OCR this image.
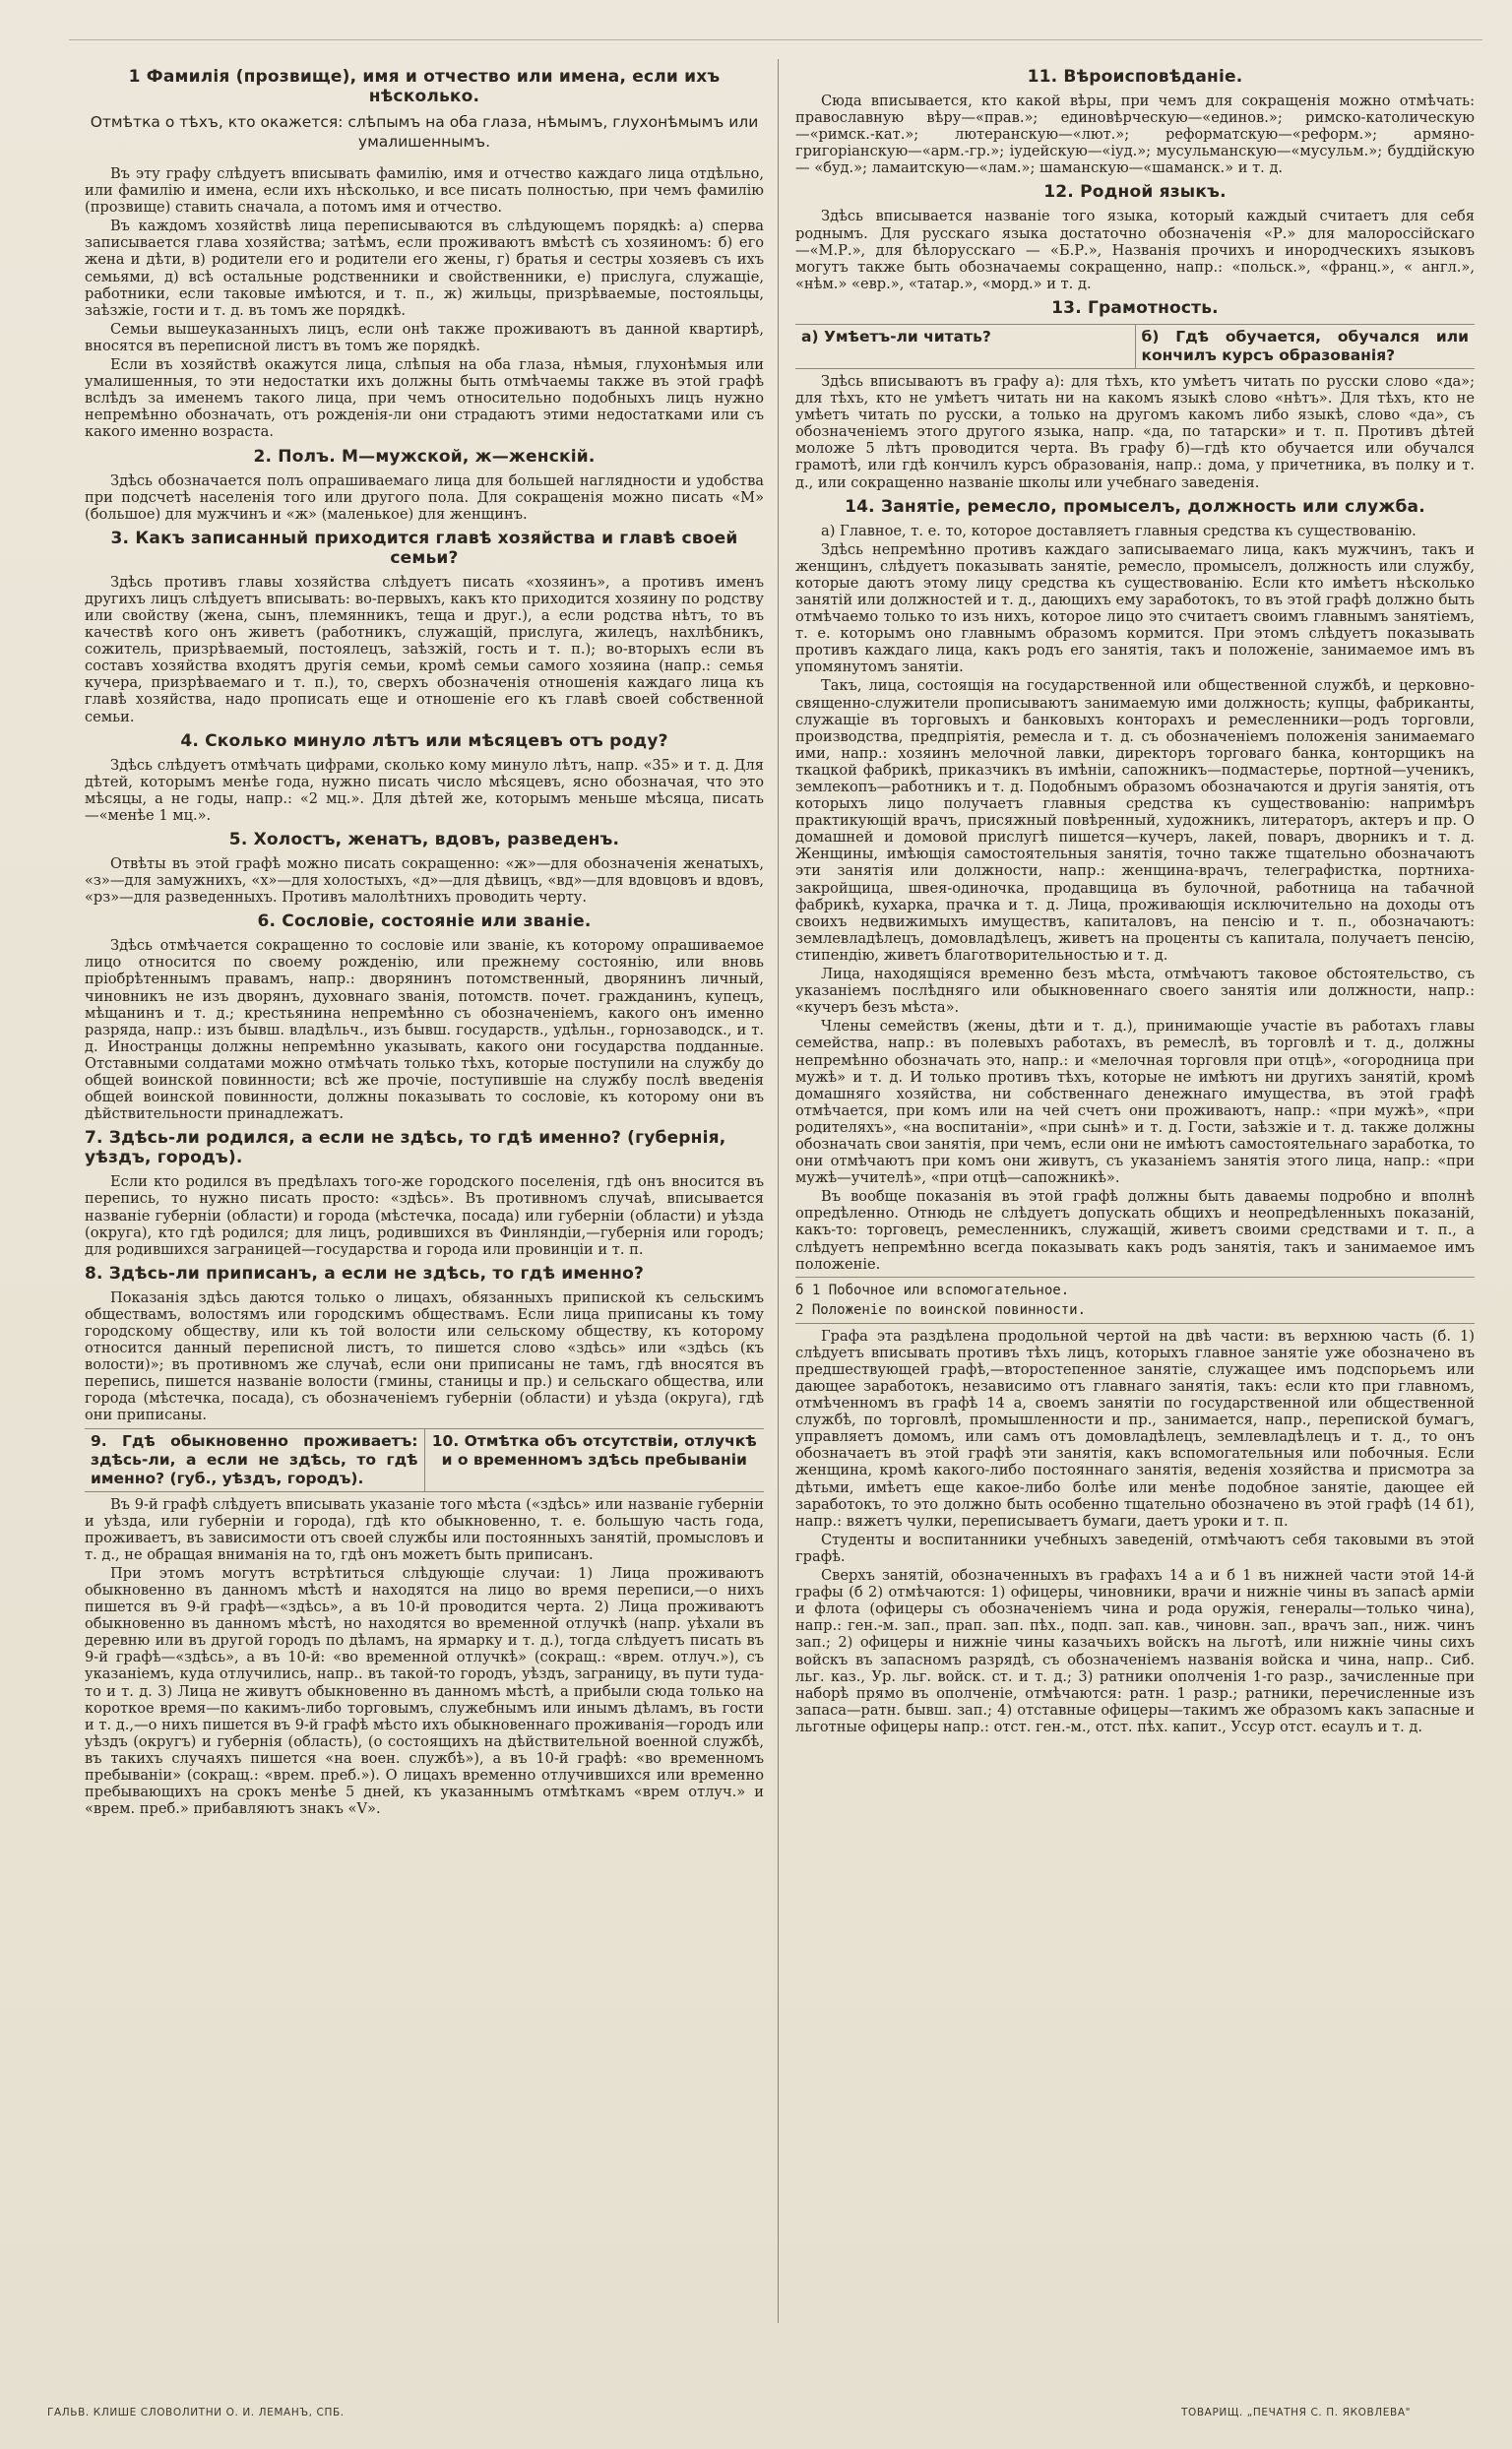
1 Фамилія (прозвище), имя и отчество или имена, если ихъ нѣсколько.
Отмѣтка о тѣхъ, кто окажется: слѣпымъ на оба глаза, нѣмымъ, глухонѣмымъ или умалишеннымъ.

Въ эту графу слѣдуетъ вписывать фамилію, имя и отчество каждаго лица отдѣльно, или фамилію и имена, если ихъ нѣсколько, и все писать полностью, при чемъ фамилію (прозвище) ставить сначала, а потомъ имя и отчество.

Въ каждомъ хозяйствѣ лица переписываются въ слѣдующемъ порядкѣ: а) сперва записывается глава хозяйства; затѣмъ, если проживаютъ вмѣстѣ съ хозяиномъ: б) его жена и дѣти, в) родители его и родители его жены, г) братья и сестры хозяевъ съ ихъ семьями, д) всѣ остальные родственники и свойственники, е) прислуга, служащіе, работники, если таковые имѣются, и т. п., ж) жильцы, призрѣваемые, постояльцы, заѣзжіе, гости и т. д. въ томъ же порядкѣ.

Семьи вышеуказанныхъ лицъ, если онѣ также проживаютъ въ данной квартирѣ, вносятся въ переписной листъ въ томъ же порядкѣ.

Если въ хозяйствѣ окажутся лица, слѣпыя на оба глаза, нѣмыя, глухонѣмыя или умалишенныя, то эти недостатки ихъ должны быть отмѣчаемы также въ этой графѣ вслѣдъ за именемъ такого лица, при чемъ относительно подобныхъ лицъ нужно непремѣнно обозначать, отъ рожденія-ли они страдаютъ этими недостатками или съ какого именно возраста.

2. Полъ. М—мужской, ж—женскій.

Здѣсь обозначается полъ опрашиваемаго лица для большей наглядности и удобства при подсчетѣ населенія того или другого пола. Для сокращенія можно писать «М» (большое) для мужчинъ и «ж» (маленькое) для женщинъ.

3. Какъ записанный приходится главѣ хозяйства и главѣ своей семьи?

Здѣсь противъ главы хозяйства слѣдуетъ писать «хозяинъ», а противъ именъ другихъ лицъ слѣдуетъ вписывать: во-первыхъ, какъ кто приходится хозяину по родству или свойству (жена, сынъ, племянникъ, теща и друг.), а если родства нѣтъ, то въ качествѣ кого онъ живетъ (работникъ, служащій, прислуга, жилецъ, нахлѣбникъ, сожитель, призрѣваемый, постоялецъ, заѣзжій, гость и т. п.); во-вторыхъ если въ составъ хозяйства входятъ другія семьи, кромѣ семьи самого хозяина (напр.: семья кучера, призрѣваемаго и т. п.), то, сверхъ обозначенія отношенія каждаго лица къ главѣ хозяйства, надо прописать еще и отношеніе его къ главѣ своей собственной семьи.

4. Сколько минуло лѣтъ или мѣсяцевъ отъ роду?

Здѣсь слѣдуетъ отмѣчать цифрами, сколько кому минуло лѣтъ, напр. «35» и т. д. Для дѣтей, которымъ менѣе года, нужно писать число мѣсяцевъ, ясно обозначая, что это мѣсяцы, а не годы, напр.: «2 мц.». Для дѣтей же, которымъ меньше мѣсяца, писать—«менѣе 1 мц.».

5. Холостъ, женатъ, вдовъ, разведенъ.

Отвѣты въ этой графѣ можно писать сокращенно: «ж»—для обозначенія женатыхъ, «з»—для замужнихъ, «х»—для холостыхъ, «д»—для дѣвицъ, «вд»—для вдовцовъ и вдовъ, «рз»—для разведенныхъ. Противъ малолѣтнихъ проводить черту.

6. Сословіе, состояніе или званіе.

Здѣсь отмѣчается сокращенно то сословіе или званіе, къ которому опрашиваемое лицо относится по своему рожденію, или прежнему состоянію, или вновь пріобрѣтеннымъ правамъ, напр.: дворянинъ потомственный, дворянинъ личный, чиновникъ не изъ дворянъ, духовнаго званія, потомств. почет. гражданинъ, купецъ, мѣщанинъ и т. д.; крестьянина непремѣнно съ обозначеніемъ, какого онъ именно разряда, напр.: изъ бывш. владѣльч., изъ бывш. государств., удѣльн., горнозаводск., и т. д. Иностранцы должны непремѣнно указывать, какого они государства подданные. Отставными солдатами можно отмѣчать только тѣхъ, которые поступили на службу до общей воинской повинности; всѣ же прочіе, поступившіе на службу послѣ введенія общей воинской повинности, должны показывать то сословіе, къ которому они въ дѣйствительности принадлежатъ.

7. Здѣсь-ли родился, а если не здѣсь, то гдѣ именно? (губернія, уѣздъ, городъ).

Если кто родился въ предѣлахъ того-же городского поселенія, гдѣ онъ вносится въ перепись, то нужно писать просто: «здѣсь». Въ противномъ случаѣ, вписывается названіе губерніи (области) и города (мѣстечка, посада) или губерніи (области) и уѣзда (округа), кто гдѣ родился; для лицъ, родившихся въ Финляндіи,—губернія или городъ; для родившихся заграницей—государства и города или провинціи и т. п.

8. Здѣсь-ли приписанъ, а если не здѣсь, то гдѣ именно?

Показанія здѣсь даются только о лицахъ, обязанныхъ припиской къ сельскимъ обществамъ, волостямъ или городскимъ обществамъ. Если лица приписаны къ тому городскому обществу, или къ той волости или сельскому обществу, къ которому относится данный переписной листъ, то пишется слово «здѣсь» или «здѣсь (къ волости)»; въ противномъ же случаѣ, если они приписаны не тамъ, гдѣ вносятся въ перепись, пишется названіе волости (гмины, станицы и пр.) и сельскаго общества, или города (мѣстечка, посада), съ обозначеніемъ губерніи (области) и уѣзда (округа), гдѣ они приписаны.

9. Гдѣ обыкновенно проживаетъ: здѣсь-ли, а если не здѣсь, то гдѣ именно? (губ., уѣздъ, городъ).
10. Отмѣтка объ отсутствіи, отлучкѣ и о временномъ здѣсь пребываніи

Въ 9-й графѣ слѣдуетъ вписывать указаніе того мѣста («здѣсь» или названіе губерніи и уѣзда, или губерніи и города), гдѣ кто обыкновенно, т. е. большую часть года, проживаетъ, въ зависимости отъ своей службы или постоянныхъ занятій, промысловъ и т. д., не обращая вниманія на то, гдѣ онъ можетъ быть приписанъ.

При этомъ могутъ встрѣтиться слѣдующіе случаи: 1) Лица проживаютъ обыкновенно въ данномъ мѣстѣ и находятся на лицо во время переписи,—о нихъ пишется въ 9-й графѣ—«здѣсь», а въ 10-й проводится черта. 2) Лица проживаютъ обыкновенно въ данномъ мѣстѣ, но находятся во временной отлучкѣ (напр. уѣхали въ деревню или въ другой городъ по дѣламъ, на ярмарку и т. д.), тогда слѣдуетъ писать въ 9-й графѣ—«здѣсь», а въ 10-й: «во временной отлучкѣ» (сокращ.: «врем. отлуч.»), съ указаніемъ, куда отлучились, напр.. въ такой-то городъ, уѣздъ, заграницу, въ пути туда-то и т. д. 3) Лица не живутъ обыкновенно въ данномъ мѣстѣ, а прибыли сюда только на короткое время—по какимъ-либо торговымъ, служебнымъ или инымъ дѣламъ, въ гости и т. д.,—о нихъ пишется въ 9-й графѣ мѣсто ихъ обыкновеннаго проживанія—городъ или уѣздъ (округъ) и губернія (область), (о состоящихъ на дѣйствительной военной службѣ, въ такихъ случаяхъ пишется «на воен. службѣ»), а въ 10-й графѣ: «во временномъ пребываніи» (сокращ.: «врем. преб.»). О лицахъ временно отлучившихся или временно пребывающихъ на срокъ менѣе 5 дней, къ указаннымъ отмѣткамъ «врем отлуч.» и «врем. преб.» прибавляютъ знакъ «V».

11. Вѣроисповѣданіе.

Сюда вписывается, кто какой вѣры, при чемъ для сокращенія можно отмѣчать: православную вѣру—«прав.»; единовѣрческую—«единов.»; римско-католическую—«римск.-кат.»; лютеранскую—«лют.»; реформатскую—«реформ.»; армяно-григоріанскую—«арм.-гр.»; іудейскую—«іуд.»; мусульманскую—«мусульм.»; буддійскую — «буд.»; ламаитскую—«лам.»; шаманскую—«шаманск.» и т. д.

12. Родной языкъ.

Здѣсь вписывается названіе того языка, который каждый считаетъ для себя роднымъ. Для русскаго языка достаточно обозначенія «Р.» для малороссійскаго—«М.Р.», для бѣлорусскаго — «Б.Р.», Названія прочихъ и инородческихъ языковъ могутъ также быть обозначаемы сокращенно, напр.: «польск.», «франц.», « англ.», «нѣм.» «евр.», «татар.», «морд.» и т. д.

13. Грамотность.
а) Умѣетъ-ли читать?	б) Гдѣ обучается, обучался или кончилъ курсъ образованія?

Здѣсь вписываютъ въ графу а): для тѣхъ, кто умѣетъ читать по русски слово «да»; для тѣхъ, кто не умѣетъ читать ни на какомъ языкѣ слово «нѣтъ». Для тѣхъ, кто не умѣетъ читать по русски, а только на другомъ какомъ либо языкѣ, слово «да», съ обозначеніемъ этого другого языка, напр. «да, по татарски» и т. п. Противъ дѣтей моложе 5 лѣтъ проводится черта. Въ графу б)—гдѣ кто обучается или обучался грамотѣ, или гдѣ кончилъ курсъ образованія, напр.: дома, у причетника, въ полку и т. д., или сокращенно названіе школы или учебнаго заведенія.

14. Занятіе, ремесло, промыселъ, должность или служба.

а) Главное, т. е. то, которое доставляетъ главныя средства къ существованію.

Здѣсь непремѣнно противъ каждаго записываемаго лица, какъ мужчинъ, такъ и женщинъ, слѣдуетъ показывать занятіе, ремесло, промыселъ, должность или службу, которые даютъ этому лицу средства къ существованію. Если кто имѣетъ нѣсколько занятій или должностей и т. д., дающихъ ему заработокъ, то въ этой графѣ должно быть отмѣчаемо только то изъ нихъ, которое лицо это считаетъ своимъ главнымъ занятіемъ, т. е. которымъ оно главнымъ образомъ кормится. При этомъ слѣдуетъ показывать противъ каждаго лица, какъ родъ его занятія, такъ и положеніе, занимаемое имъ въ упомянутомъ занятіи.

Такъ, лица, состоящія на государственной или общественной службѣ, и церковно-священно-служители прописываютъ занимаемую ими должность; купцы, фабриканты, служащіе въ торговыхъ и банковыхъ конторахъ и ремесленники—родъ торговли, производства, предпріятія, ремесла и т. д. съ обозначеніемъ положенія занимаемаго ими, напр.: хозяинъ мелочной лавки, директоръ торговаго банка, конторщикъ на ткацкой фабрикѣ, приказчикъ въ имѣніи, сапожникъ—подмастерье, портной—ученикъ, землекопъ—работникъ и т. д. Подобнымъ образомъ обозначаются и другія занятія, отъ которыхъ лицо получаетъ главныя средства къ существованію: напримѣръ практикующій врачъ, присяжный повѣренный, художникъ, литераторъ, актеръ и пр. О домашней и домовой прислугѣ пишется—кучеръ, лакей, поваръ, дворникъ и т. д. Женщины, имѣющія самостоятельныя занятія, точно также тщательно обозначаютъ эти занятія или должности, напр.: женщина-врачъ, телеграфистка, портниха-закройщица, швея-одиночка, продавщица въ булочной, работница на табачной фабрикѣ, кухарка, прачка и т. д. Лица, проживающія исключительно на доходы отъ своихъ недвижимыхъ имуществъ, капиталовъ, на пенсію и т. п., обозначаютъ: землевладѣлецъ, домовладѣлецъ, живетъ на проценты съ капитала, получаетъ пенсію, стипендію, живетъ благотворительностью и т. д.

Лица, находящіяся временно безъ мѣста, отмѣчаютъ таковое обстоятельство, съ указаніемъ послѣдняго или обыкновеннаго своего занятія или должности, напр.: «кучеръ безъ мѣста».

Члены семействъ (жены, дѣти и т. д.), принимающіе участіе въ работахъ главы семейства, напр.: въ полевыхъ работахъ, въ ремеслѣ, въ торговлѣ и т. д., должны непремѣнно обозначать это, напр.: и «мелочная торговля при отцѣ», «огородница при мужѣ» и т. д. И только противъ тѣхъ, которые не имѣютъ ни другихъ занятій, кромѣ домашняго хозяйства, ни собственнаго денежнаго имущества, въ этой графѣ отмѣчается, при комъ или на чей счетъ они проживаютъ, напр.: «при мужѣ», «при родителяхъ», «на воспитаніи», «при сынѣ» и т. д. Гости, заѣзжіе и т. д. также должны обозначать свои занятія, при чемъ, если они не имѣютъ самостоятельнаго заработка, то они отмѣчаютъ при комъ они живутъ, съ указаніемъ занятія этого лица, напр.: «при мужѣ—учителѣ», «при отцѣ—сапожникѣ».

Въ вообще показанія въ этой графѣ должны быть даваемы подробно и вполнѣ опредѣленно. Отнюдь не слѣдуетъ допускать общихъ и неопредѣленныхъ показаній, какъ-то: торговецъ, ремесленникъ, служащій, живетъ своими средствами и т. п., а слѣдуетъ непремѣнно всегда показывать какъ родъ занятія, такъ и занимаемое имъ положеніе.

б 1 Побочное или вспомогательное.

2 Положеніе по воинской повинности.

Графа эта раздѣлена продольной чертой на двѣ части: въ верхнюю часть (б. 1) слѣдуетъ вписывать противъ тѣхъ лицъ, которыхъ главное занятіе уже обозначено въ предшествующей графѣ,—второстепенное занятіе, служащее имъ подспорьемъ или дающее заработокъ, независимо отъ главнаго занятія, такъ: если кто при главномъ, отмѣченномъ въ графѣ 14 а, своемъ занятіи по государственной или общественной службѣ, по торговлѣ, промышленности и пр., занимается, напр., перепиской бумагъ, управляетъ домомъ, или самъ отъ домовладѣлецъ, землевладѣлецъ и т. д., то онъ обозначаетъ въ этой графѣ эти занятія, какъ вспомогательныя или побочныя. Если женщина, кромѣ какого-либо постояннаго занятія, веденія хозяйства и присмотра за дѣтьми, имѣетъ еще какое-либо болѣе или менѣе подобное занятіе, дающее ей заработокъ, то это должно быть особенно тщательно обозначено въ этой графѣ (14 б1), напр.: вяжетъ чулки, переписываетъ бумаги, даетъ уроки и т. п.

Студенты и воспитанники учебныхъ заведеній, отмѣчаютъ себя таковыми въ этой графѣ.

Сверхъ занятій, обозначенныхъ въ графахъ 14 а и б 1 въ нижней части этой 14-й графы (б 2) отмѣчаются: 1) офицеры, чиновники, врачи и нижніе чины въ запасѣ арміи и флота (офицеры съ обозначеніемъ чина и рода оружія, генералы—только чина), напр.: ген.-м. зап., прап. зап. пѣх., подп. зап. кав., чиновн. зап., врачъ зап., ниж. чинъ зап.; 2) офицеры и нижніе чины казачьихъ войскъ на льготѣ, или нижніе чины сихъ войскъ въ запасномъ разрядѣ, съ обозначеніемъ названія войска и чина, напр.. Сиб. льг. каз., Ур. льг. войск. ст. и т. д.; 3) ратники ополченія 1-го разр., зачисленные при наборѣ прямо въ ополченіе, отмѣчаются: ратн. 1 разр.; ратники, перечисленные изъ запаса—ратн. бывш. зап.; 4) отставные офицеры—такимъ же образомъ какъ запасные и льготные офицеры напр.: отст. ген.-м., отст. пѣх. капит., Уссур отст. есаулъ и т. д.

ГАЛЬВ. КЛИШЕ СЛОВОЛИТНИ О. И. ЛЕМАНЪ, СПБ.	ТОВАРИЩ. „ПЕЧАТНЯ С. П. ЯКОВЛЕВА"
